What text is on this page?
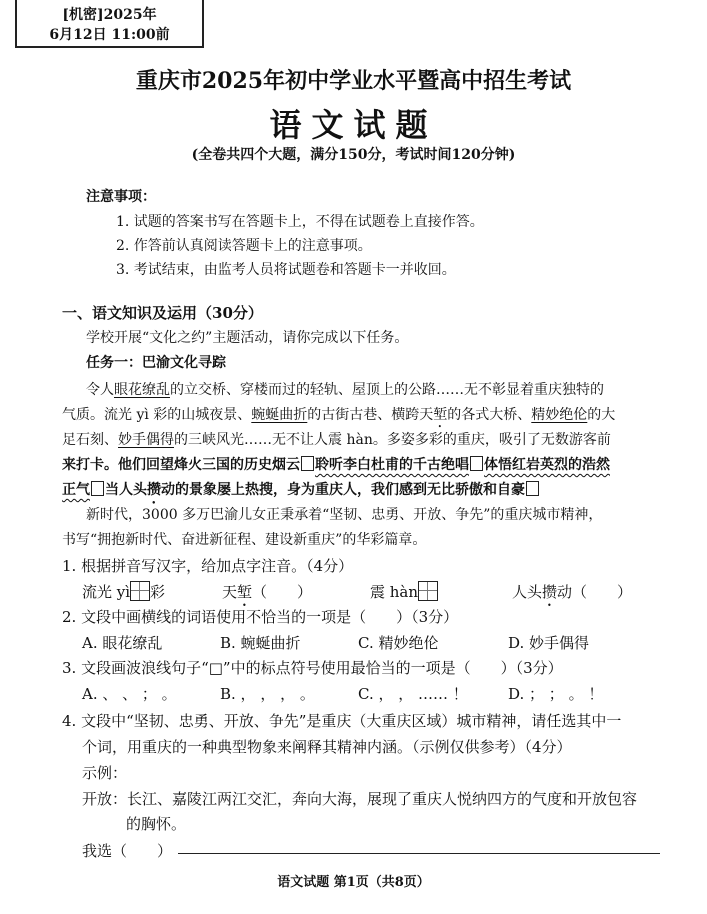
[机密]2025年
6月12日 11:00前
重庆市2025年初中学业水平暨高中招生考试
语文试题
(全卷共四个大题，满分150分，考试时间120分钟)
注意事项：
1. 试题的答案书写在答题卡上，不得在试题卷上直接作答。
2. 作答前认真阅读答题卡上的注意事项。
3. 考试结束，由监考人员将试题卷和答题卡一并收回。
一、语文知识及运用（30分）
学校开展“文化之约”主题活动，请你完成以下任务。
任务一：巴渝文化寻踪
令人眼花缭乱的立交桥、穿楼而过的轻轨、屋顶上的公路……无不彰显着重庆独特的
气质。流光 yì 彩的山城夜景、蜿蜒曲折的古街古巷、横跨天堑的各式大桥、精妙绝伦的大
足石刻、妙手偶得的三峡风光……无不让人震 hàn。多姿多彩的重庆，吸引了无数游客前
来打卡。他们回望烽火三国的历史烟云 聆听李白杜甫的千古绝唱 体悟红岩英烈的浩然
正气 当人头攒动的景象屡上热搜，身为重庆人，我们感到无比骄傲和自豪
新时代，3000 多万巴渝儿女正秉承着“坚韧、忠勇、开放、争先”的重庆城市精神，
书写“拥抱新时代、奋进新征程、建设新重庆”的华彩篇章。
1. 根据拼音写汉字，给加点字注音。（4分）
流光 yì 彩	天堑（　　）	震 hàn	人头攒动（　　）
2. 文段中画横线的词语使用不恰当的一项是（　　）（3分）
A. 眼花缭乱	B. 蜿蜒曲折	C. 精妙绝伦	D. 妙手偶得
3. 文段画波浪线句子“□”中的标点符号使用最恰当的一项是（　　）（3分）
A. 、 、 ； 。	B. ， ， ， 。	C. ， ， …… ！	D. ； ； 。 ！
4. 文段中“坚韧、忠勇、开放、争先”是重庆（大重庆区域）城市精神，请任选其中一
个词，用重庆的一种典型物象来阐释其精神内涵。（示例仅供参考）（4分）
示例：
开放：长江、嘉陵江两江交汇，奔向大海，展现了重庆人悦纳四方的气度和开放包容
的胸怀。
我选（　　）
语文试题 第1页（共8页）
